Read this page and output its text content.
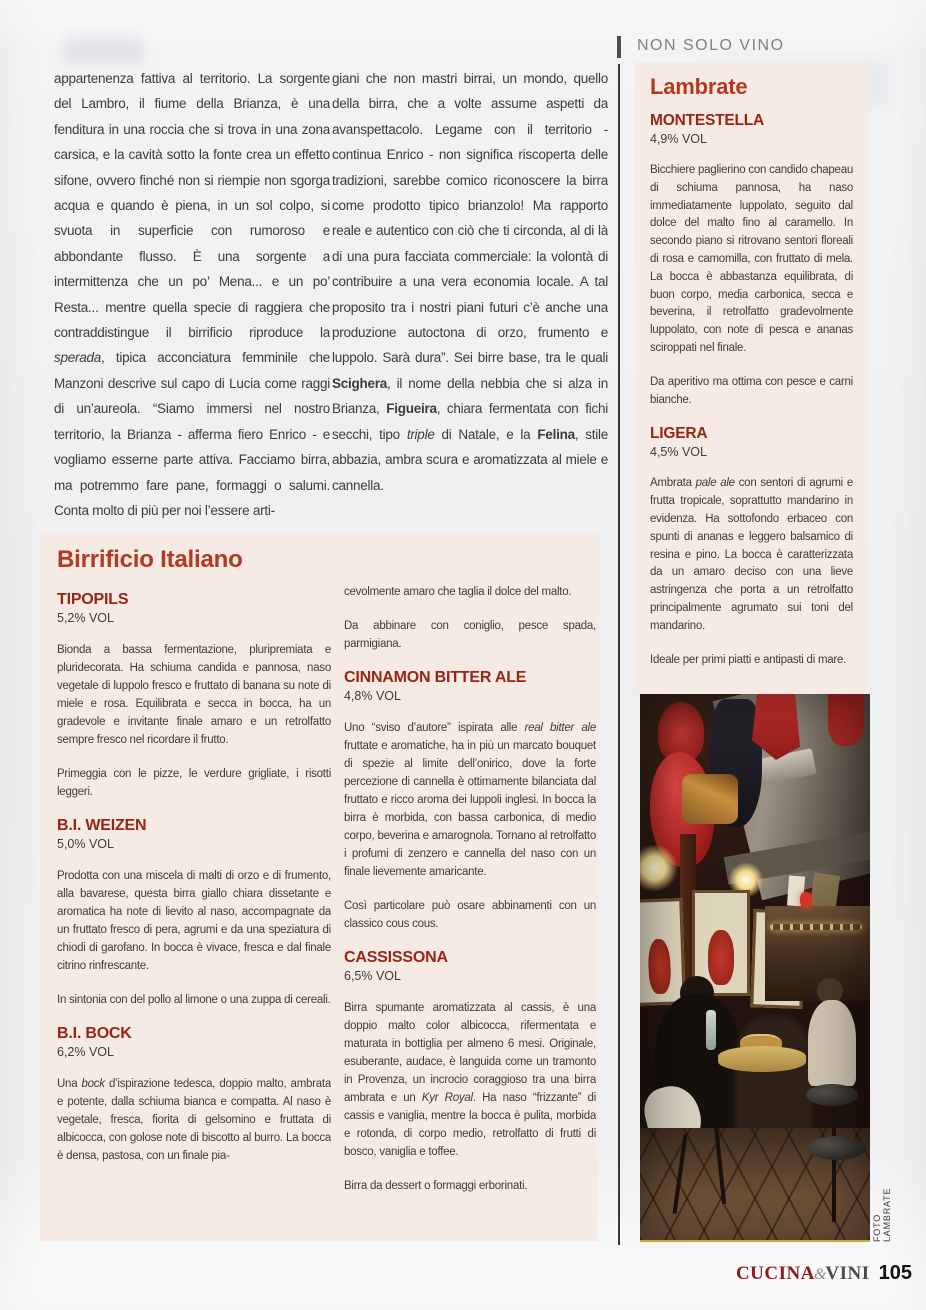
NON SOLO VINO

appartenenza fattiva al territorio. La sorgente del Lambro, il fiume della Brianza, è una fenditura in una roccia che si trova in una zona carsica, e la cavità sotto la fonte crea un effetto sifone, ovvero finché non si riempie non sgorga acqua e quando è piena, in un sol colpo, si svuota in superficie con rumoroso e abbondante flusso. È una sorgente a intermittenza che un po’ Mena... e un po’ Resta... mentre quella specie di raggiera che contraddistingue il birrificio riproduce la sperada, tipica acconciatura femminile che Manzoni descrive sul capo di Lucia come raggi di un’aureola. “Siamo immersi nel nostro territorio, la Brianza - afferma fiero Enrico - e vogliamo esserne parte attiva. Facciamo birra, ma potremmo fare pane, formaggi o salumi. Conta molto di più per noi l’essere arti-

giani che non mastri birrai, un mondo, quello della birra, che a volte assume aspetti da avanspettacolo. Legame con il territorio - continua Enrico - non significa riscoperta delle tradizioni, sarebbe comico riconoscere la birra come prodotto tipico brianzolo! Ma rapporto reale e autentico con ciò che ti circonda, al di là di una pura facciata commerciale: la volontà di contribuire a una vera economia locale. A tal proposito tra i nostri piani futuri c’è anche una produzione autoctona di orzo, frumento e luppolo. Sarà dura”. Sei birre base, tra le quali Scighera, il nome della nebbia che si alza in Brianza, Figueira, chiara fermentata con fichi secchi, tipo triple di Natale, e la Felina, stile abbazia, ambra scura e aromatizzata al miele e cannella.

Birrificio Italiano
TIPOPILS
5,2% VOL

Bionda a bassa fermentazione, pluripremiata e pluridecorata. Ha schiuma candida e pannosa, naso vegetale di luppolo fresco e fruttato di banana su note di miele e rosa. Equilibrata e secca in bocca, ha un gradevole e invitante finale amaro e un retrolfatto sempre fresco nel ricordare il frutto.

Primeggia con le pizze, le verdure grigliate, i risotti leggeri.

B.I. WEIZEN
5,0% VOL

Prodotta con una miscela di malti di orzo e di frumento, alla bavarese, questa birra giallo chiara dissetante e aromatica ha note di lievito al naso, accompagnate da un fruttato fresco di pera, agrumi e da una speziatura di chiodi di garofano. In bocca è vivace, fresca e dal finale citrino rinfrescante.

In sintonia con del pollo al limone o una zuppa di cereali.

B.I. BOCK
6,2% VOL

Una bock d’ispirazione tedesca, doppio malto, ambrata e potente, dalla schiuma bianca e compatta. Al naso è vegetale, fresca, fiorita di gelsomino e fruttata di albicocca, con golose note di biscotto al burro. La bocca è densa, pastosa, con un finale pia-

cevolmente amaro che taglia il dolce del malto.

Da abbinare con coniglio, pesce spada, parmigiana.

CINNAMON BITTER ALE
4,8% VOL

Uno “sviso d’autore” ispirata alle real bitter ale fruttate e aromatiche, ha in più un marcato bouquet di spezie al limite dell’onirico, dove la forte percezione di cannella è ottimamente bilanciata dal fruttato e ricco aroma dei luppoli inglesi. In bocca la birra è morbida, con bassa carbonica, di medio corpo, beverina e amarognola. Tornano al retrolfatto i profumi di zenzero e cannella del naso con un finale lievemente amaricante.

Così particolare può osare abbinamenti con un classico cous cous.

CASSISSONA
6,5% VOL

Birra spumante aromatizzata al cassis, è una doppio malto color albicocca, rifermentata e maturata in bottiglia per almeno 6 mesi. Originale, esuberante, audace, è languida come un tramonto in Provenza, un incrocio coraggioso tra una birra ambrata e un Kyr Royal. Ha naso “frizzante” di cassis e vaniglia, mentre la bocca è pulita, morbida e rotonda, di corpo medio, retrolfatto di frutti di bosco, vaniglia e toffee.

Birra da dessert o formaggi erborinati.

Lambrate
MONTESTELLA
4,9% VOL

Bicchiere paglierino con candido chapeau di schiuma pannosa, ha naso immediatamente luppolato, seguito dal dolce del malto fino al caramello. In secondo piano si ritrovano sentori floreali di rosa e camomilla, con fruttato di mela. La bocca è abbastanza equilibrata, di buon corpo, media carbonica, secca e beverina, il retrolfatto gradevolmente luppolato, con note di pesca e ananas sciroppati nel finale.

Da aperitivo ma ottima con pesce e carni bianche.

LIGERA
4,5% VOL

Ambrata pale ale con sentori di agrumi e frutta tropicale, soprattutto mandarino in evidenza. Ha sottofondo erbaceo con spunti di ananas e leggero balsamico di resina e pino. La bocca è caratterizzata da un amaro deciso con una lieve astringenza che porta a un retrolfatto principalmente agrumato sui toni del mandarino.

Ideale per primi piatti e antipasti di mare.

FOTO LAMBRATE
CUCINA & VINI 105
